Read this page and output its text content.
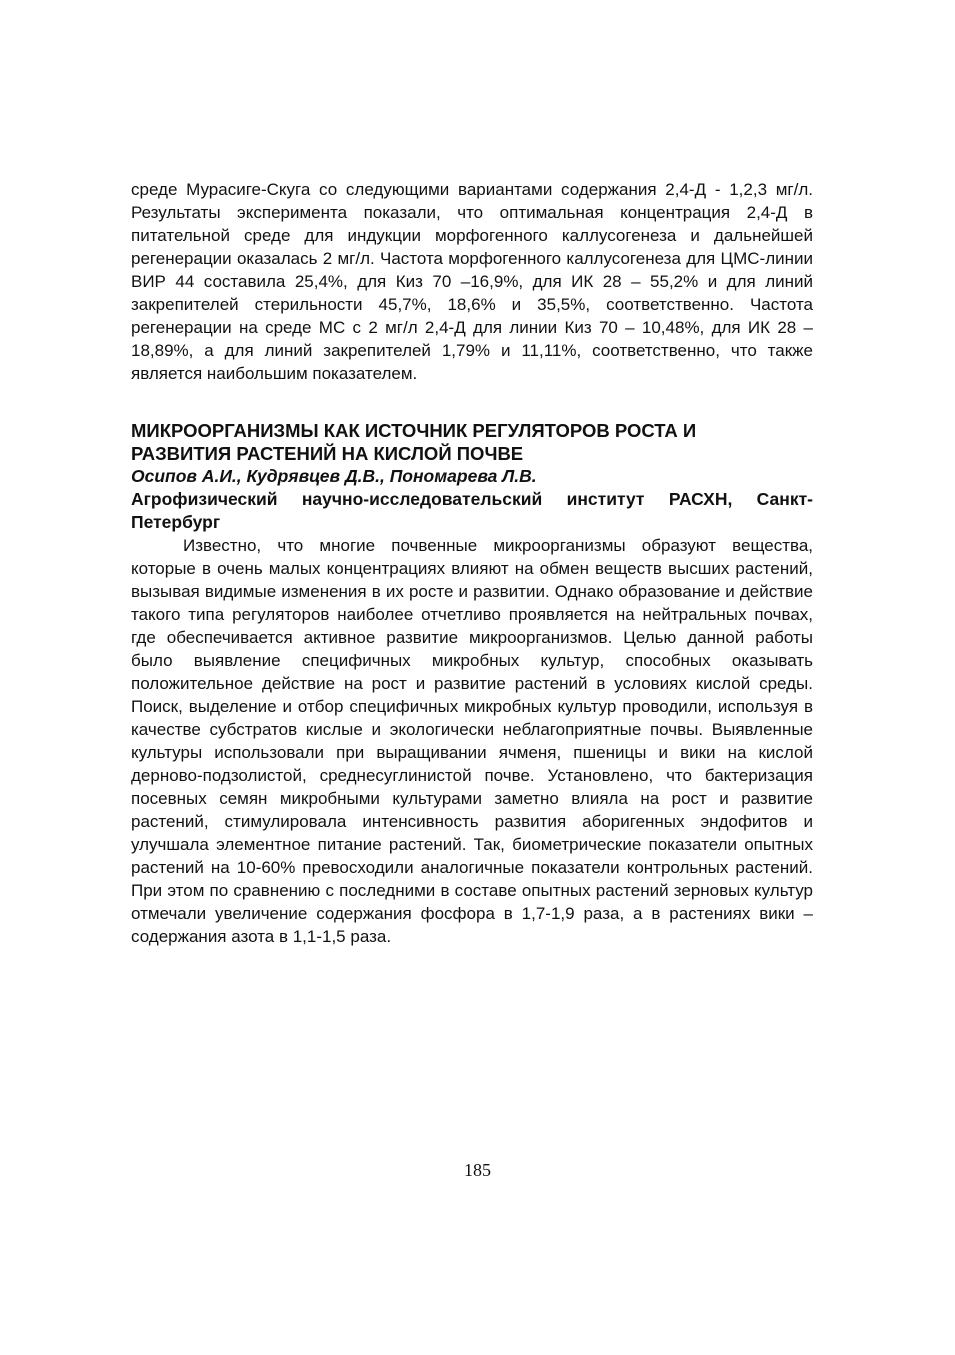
среде Мурасиге-Скуга со следующими вариантами содержания 2,4-Д - 1,2,3 мг/л. Результаты эксперимента показали, что оптимальная концентрация 2,4-Д в питательной среде для индукции морфогенного каллусогенеза и дальнейшей регенерации оказалась 2 мг/л. Частота морфогенного каллусогенеза для ЦМС-линии ВИР 44 составила 25,4%, для Киз 70 –16,9%, для ИК 28 – 55,2% и для линий закрепителей стерильности 45,7%, 18,6% и 35,5%, соответственно. Частота регенерации на среде МС с 2 мг/л 2,4-Д для линии Киз 70 – 10,48%, для ИК 28 – 18,89%, а для линий закрепителей 1,79% и 11,11%, соответственно, что также является наибольшим показателем.

МИКРООРГАНИЗМЫ КАК ИСТОЧНИК РЕГУЛЯТОРОВ РОСТА И
РАЗВИТИЯ РАСТЕНИЙ НА КИСЛОЙ ПОЧВЕ

Осипов А.И., Кудрявцев Д.В., Пономарева Л.В.

Агрофизический научно-исследовательский институт РАСХН, Санкт-Петербург

Известно, что многие почвенные микроорганизмы образуют вещества, которые в очень малых концентрациях влияют на обмен веществ высших растений, вызывая видимые изменения в их росте и развитии. Однако образование и действие такого типа регуляторов наиболее отчетливо проявляется на нейтральных почвах, где обеспечивается активное развитие микроорганизмов. Целью данной работы было выявление специфичных микробных культур, способных оказывать положительное действие на рост и развитие растений в условиях кислой среды. Поиск, выделение и отбор специфичных микробных культур проводили, используя в качестве субстратов кислые и экологически неблагоприятные почвы. Выявленные культуры использовали при выращивании ячменя, пшеницы и вики на кислой дерново-подзолистой, среднесуглинистой почве. Установлено, что бактеризация посевных семян микробными культурами заметно влияла на рост и развитие растений, стимулировала интенсивность развития аборигенных эндофитов и улучшала элементное питание растений. Так, биометрические показатели опытных растений на 10-60% превосходили аналогичные показатели контрольных растений. При этом по сравнению с последними в составе опытных растений зерновых культур отмечали увеличение содержания фосфора в 1,7-1,9 раза, а в растениях вики – содержания азота в 1,1-1,5 раза.

185
